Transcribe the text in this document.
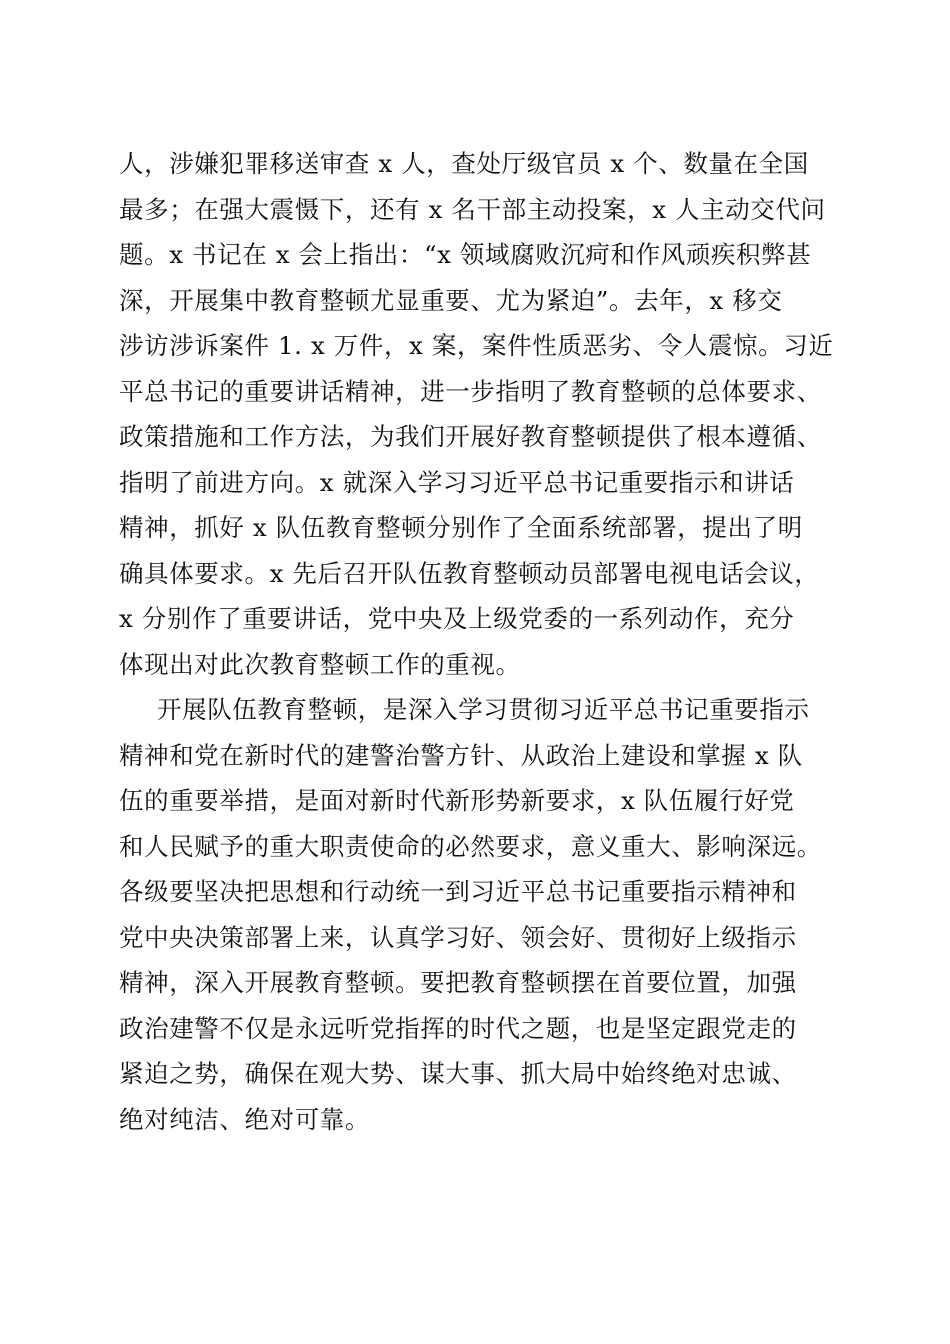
人，涉嫌犯罪移送审查 x 人，查处厅级官员 x 个、数量在全国
最多；在强大震慑下，还有 x 名干部主动投案，x 人主动交代问
题。x 书记在 x 会上指出：“x 领域腐败沉疴和作风顽疾积弊甚
深，开展集中教育整顿尤显重要、尤为紧迫”。去年，x 移交
涉访涉诉案件 1. x 万件，x 案，案件性质恶劣、令人震惊。习近
平总书记的重要讲话精神，进一步指明了教育整顿的总体要求、
政策措施和工作方法，为我们开展好教育整顿提供了根本遵循、
指明了前进方向。x 就深入学习习近平总书记重要指示和讲话
精神，抓好 x 队伍教育整顿分别作了全面系统部署，提出了明
确具体要求。x 先后召开队伍教育整顿动员部署电视电话会议，
x 分别作了重要讲话，党中央及上级党委的一系列动作，充分
体现出对此次教育整顿工作的重视。
开展队伍教育整顿，是深入学习贯彻习近平总书记重要指示
精神和党在新时代的建警治警方针、从政治上建设和掌握 x 队
伍的重要举措，是面对新时代新形势新要求，x 队伍履行好党
和人民赋予的重大职责使命的必然要求，意义重大、影响深远。
各级要坚决把思想和行动统一到习近平总书记重要指示精神和
党中央决策部署上来，认真学习好、领会好、贯彻好上级指示
精神，深入开展教育整顿。要把教育整顿摆在首要位置，加强
政治建警不仅是永远听党指挥的时代之题，也是坚定跟党走的
紧迫之势，确保在观大势、谋大事、抓大局中始终绝对忠诚、
绝对纯洁、绝对可靠。
